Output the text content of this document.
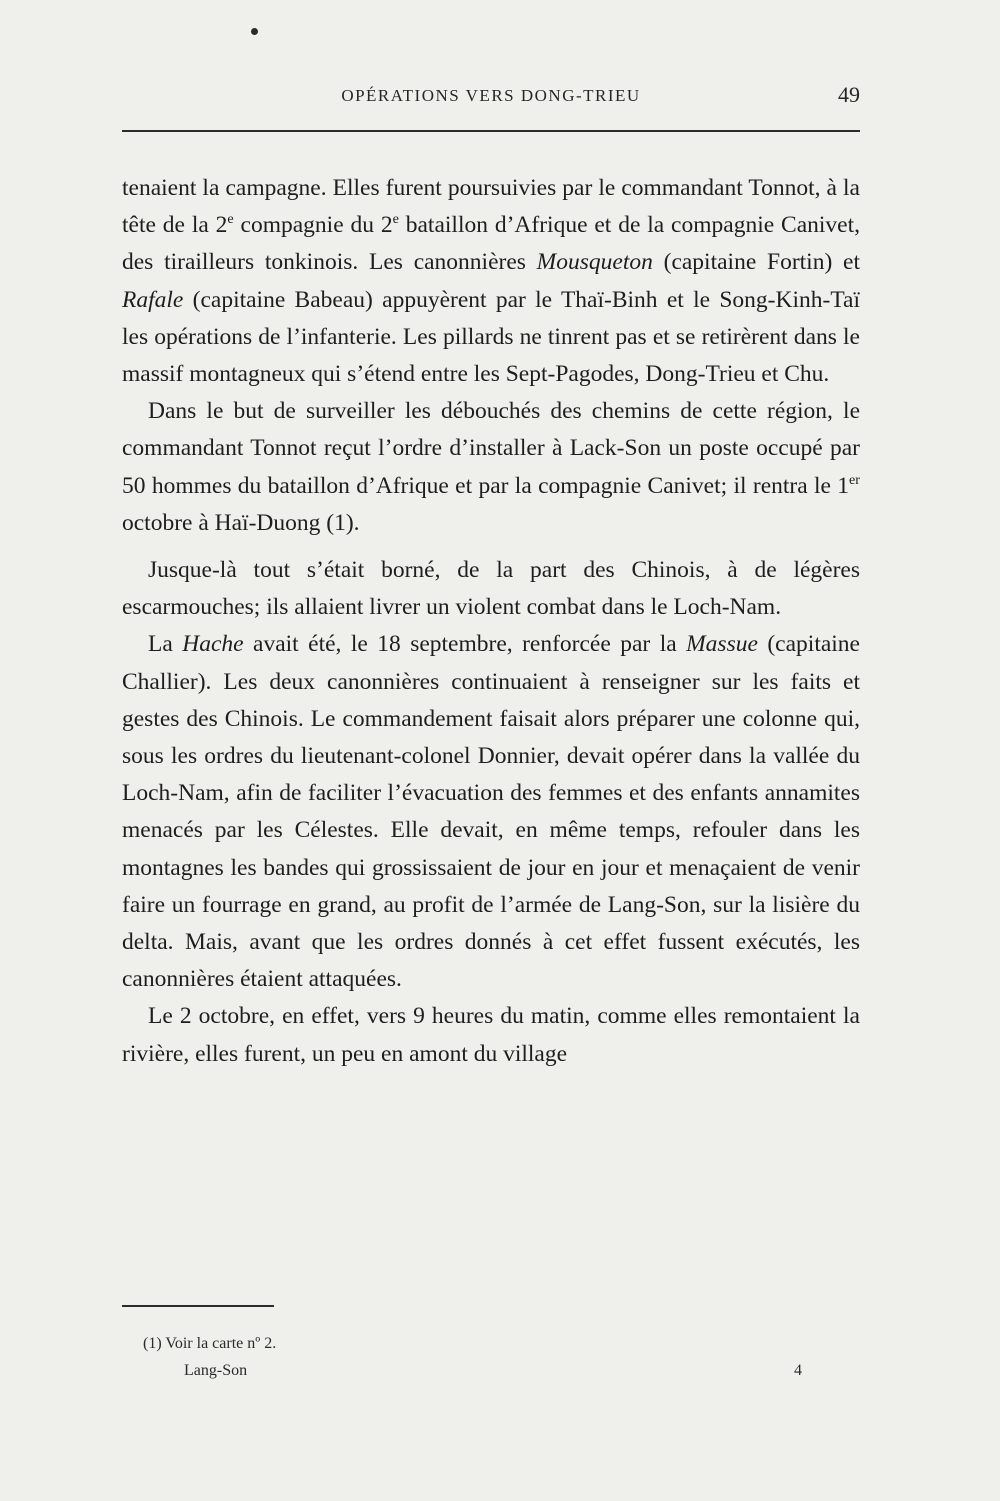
OPÉRATIONS VERS DONG-TRIEU	49

tenaient la campagne. Elles furent poursuivies par le commandant Tonnot, à la tête de la 2e compagnie du 2e bataillon d’Afrique et de la compagnie Canivet, des tirailleurs tonkinois. Les canonnières Mousqueton (capitaine Fortin) et Rafale (capitaine Babeau) appuyèrent par le Thaï-Binh et le Song-Kinh-Taï les opérations de l’infanterie. Les pillards ne tinrent pas et se retirèrent dans le massif montagneux qui s’étend entre les Sept-Pagodes, Dong-Trieu et Chu.

Dans le but de surveiller les débouchés des chemins de cette région, le commandant Tonnot reçut l’ordre d’installer à Lack-Son un poste occupé par 50 hommes du bataillon d’Afrique et par la compagnie Canivet; il rentra le 1er octobre à Haï-Duong (1).

Jusque-là tout s’était borné, de la part des Chinois, à de légères escarmouches; ils allaient livrer un violent combat dans le Loch-Nam.

La Hache avait été, le 18 septembre, renforcée par la Massue (capitaine Challier). Les deux canonnières continuaient à renseigner sur les faits et gestes des Chinois. Le commandement faisait alors préparer une colonne qui, sous les ordres du lieutenant-colonel Donnier, devait opérer dans la vallée du Loch-Nam, afin de faciliter l’évacuation des femmes et des enfants annamites menacés par les Célestes. Elle devait, en même temps, refouler dans les montagnes les bandes qui grossissaient de jour en jour et menaçaient de venir faire un fourrage en grand, au profit de l’armée de Lang-Son, sur la lisière du delta. Mais, avant que les ordres donnés à cet effet fussent exécutés, les canonnières étaient attaquées.

Le 2 octobre, en effet, vers 9 heures du matin, comme elles remontaient la rivière, elles furent, un peu en amont du village

(1) Voir la carte nº 2.
Lang-Son	4
